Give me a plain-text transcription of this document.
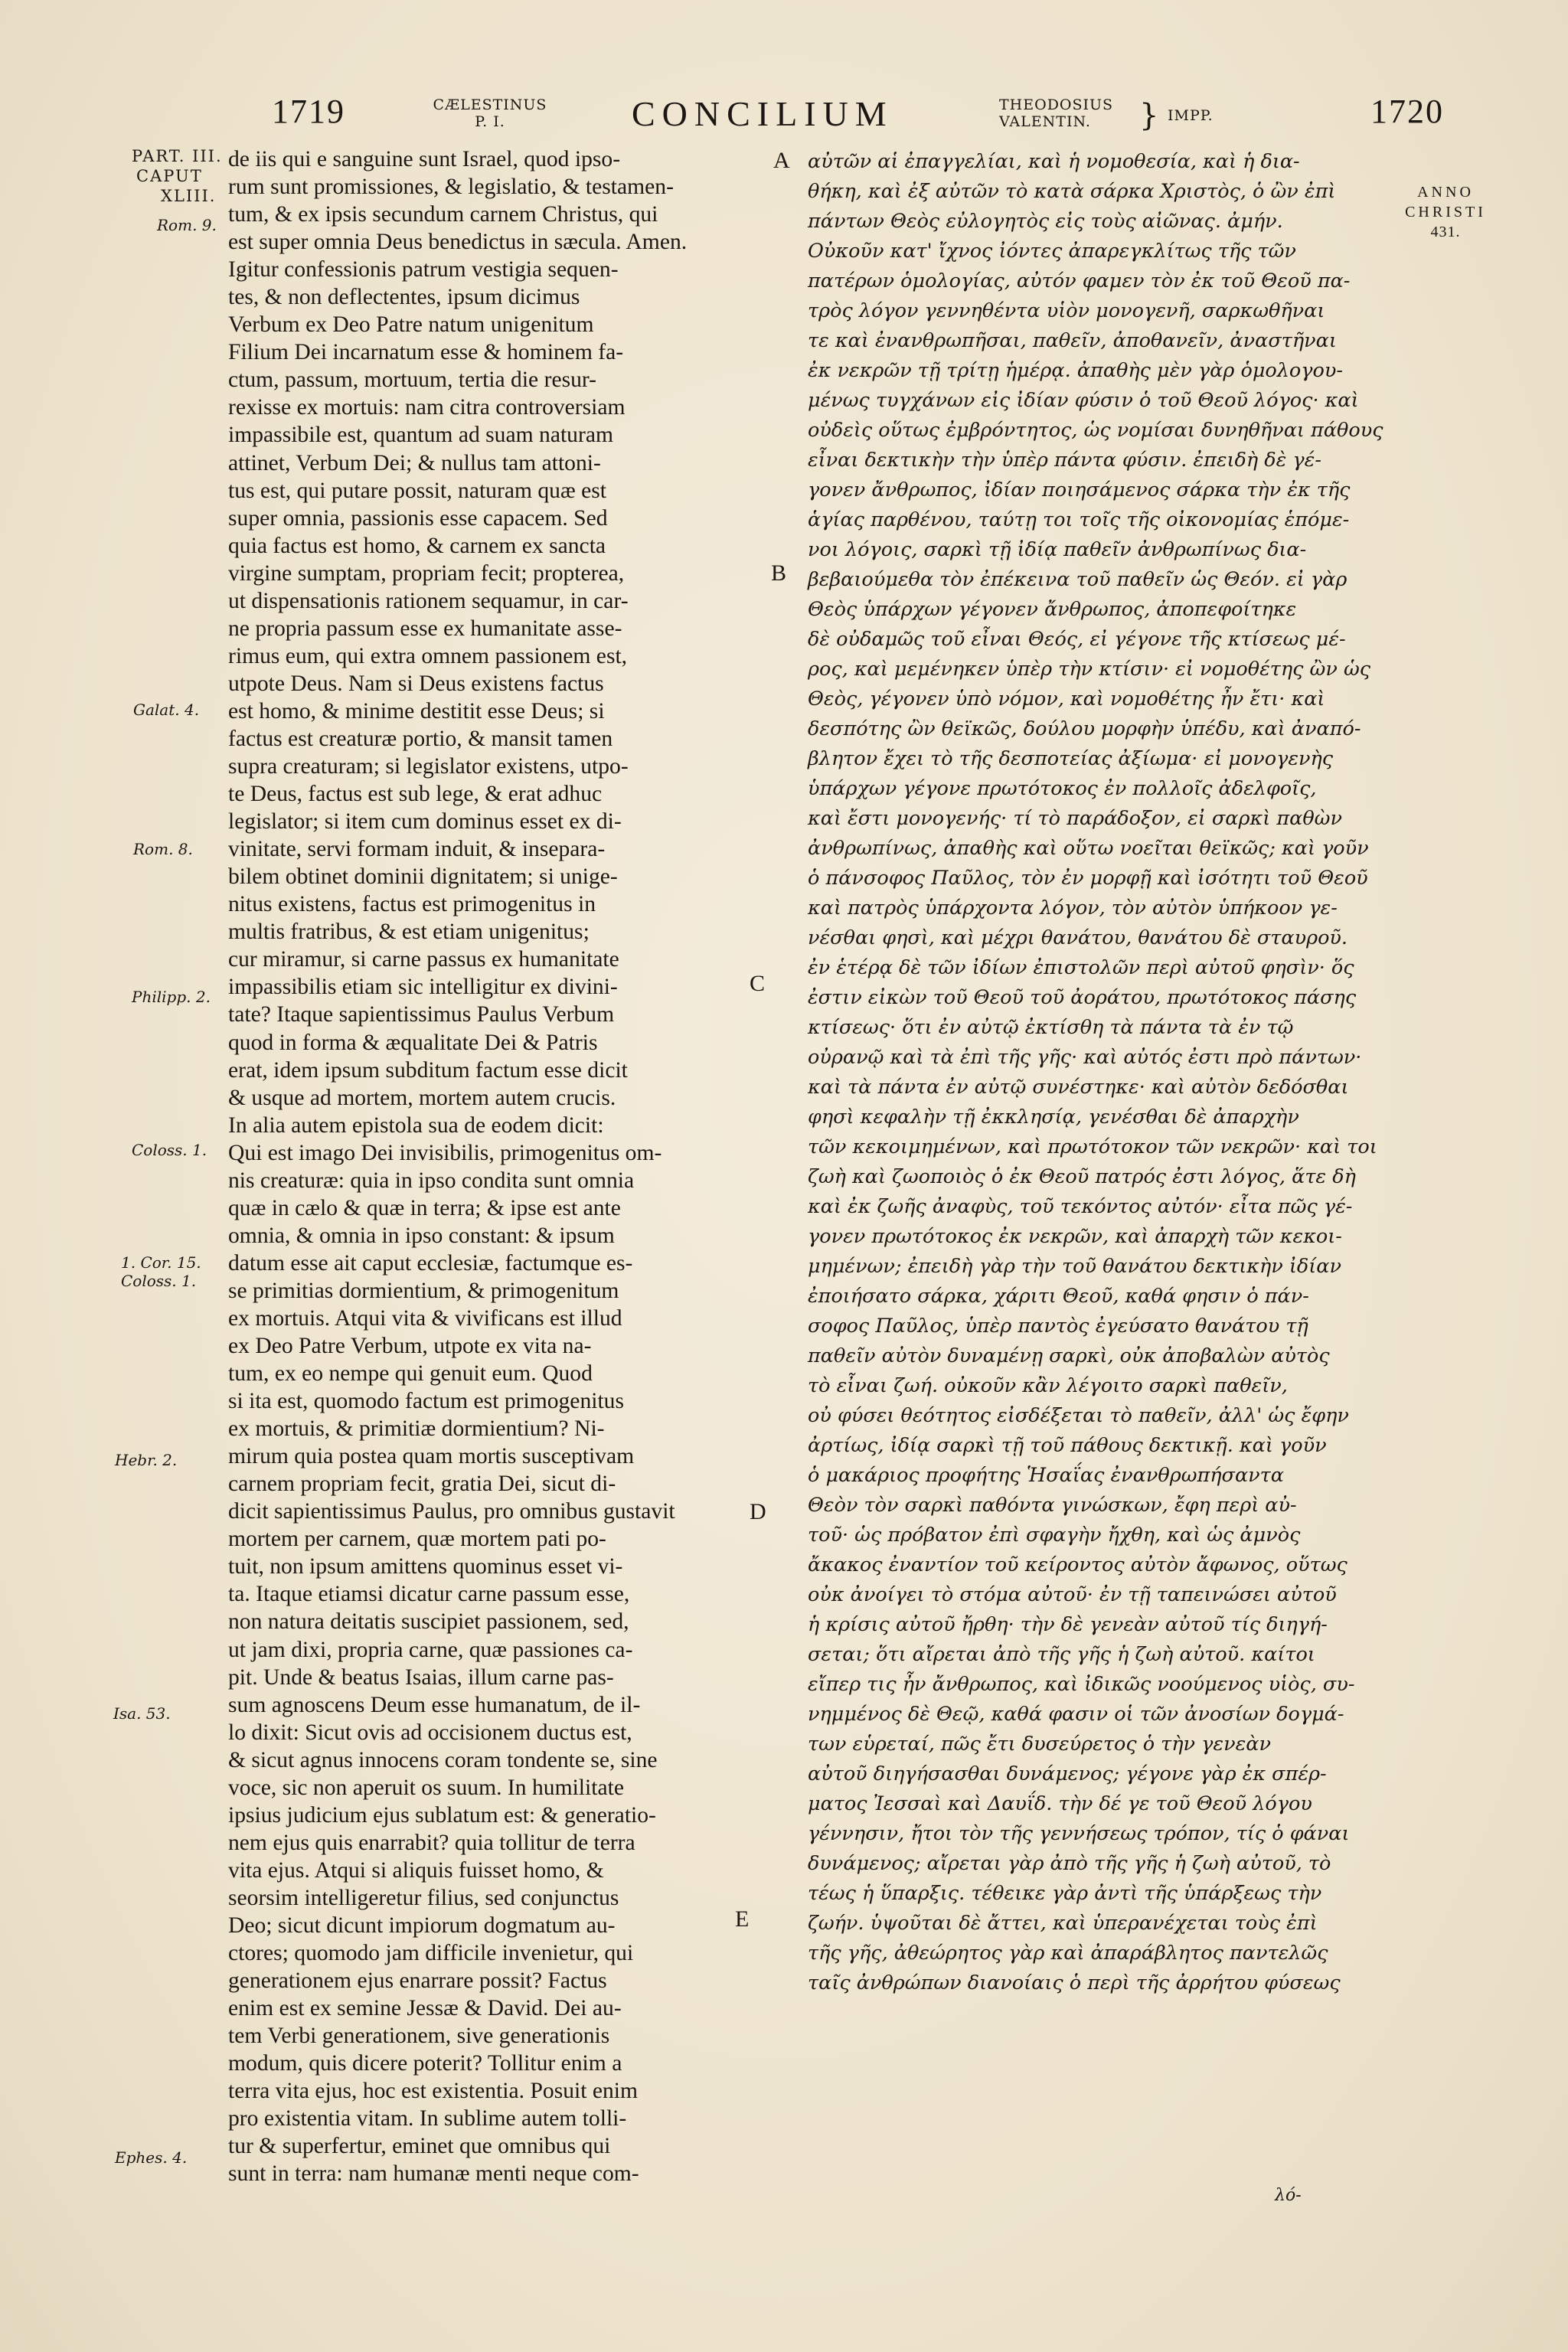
1719	CÆLESTINUS
P. I.	CONCILIUM	THEODOSIUS
VALENTIN.	} IMPP.	1720
PART. III.
CAPUT
XLIII.
Rom. 9.
Galat. 4.
Rom. 8.
Philipp. 2.
Coloss. 1.
1. Cor. 15.
Coloss. 1.
Hebr. 2.
Isa. 53.
Ephes. 4.
A
B
C
D
E
ANNO
CHRISTI
431.
de iis qui e sanguine sunt Israel, quod ipso-
rum sunt promissiones, & legislatio, & testamen-
tum, & ex ipsis secundum carnem Christus, qui
est super omnia Deus benedictus in sæcula. Amen.
Igitur confessionis patrum vestigia sequen-
tes, & non deflectentes, ipsum dicimus
Verbum ex Deo Patre natum unigenitum
Filium Dei incarnatum esse & hominem fa-
ctum, passum, mortuum, tertia die resur-
rexisse ex mortuis: nam citra controversiam
impassibile est, quantum ad suam naturam
attinet, Verbum Dei; & nullus tam attoni-
tus est, qui putare possit, naturam quæ est
super omnia, passionis esse capacem. Sed
quia factus est homo, & carnem ex sancta
virgine sumptam, propriam fecit; propterea,
ut dispensationis rationem sequamur, in car-
ne propria passum esse ex humanitate asse-
rimus eum, qui extra omnem passionem est,
utpote Deus. Nam si Deus existens factus
est homo, & minime destitit esse Deus; si
factus est creaturæ portio, & mansit tamen
supra creaturam; si legislator existens, utpo-
te Deus, factus est sub lege, & erat adhuc
legislator; si item cum dominus esset ex di-
vinitate, servi formam induit, & insepara-
bilem obtinet dominii dignitatem; si unige-
nitus existens, factus est primogenitus in
multis fratribus, & est etiam unigenitus;
cur miramur, si carne passus ex humanitate
impassibilis etiam sic intelligitur ex divini-
tate? Itaque sapientissimus Paulus Verbum
quod in forma & æqualitate Dei & Patris
erat, idem ipsum subditum factum esse dicit
& usque ad mortem, mortem autem crucis.
In alia autem epistola sua de eodem dicit:
Qui est imago Dei invisibilis, primogenitus om-
nis creaturæ: quia in ipso condita sunt omnia
quæ in cælo & quæ in terra; & ipse est ante
omnia, & omnia in ipso constant: & ipsum
datum esse ait caput ecclesiæ, factumque es-
se primitias dormientium, & primogenitum
ex mortuis. Atqui vita & vivificans est illud
ex Deo Patre Verbum, utpote ex vita na-
tum, ex eo nempe qui genuit eum. Quod
si ita est, quomodo factum est primogenitus
ex mortuis, & primitiæ dormientium? Ni-
mirum quia postea quam mortis susceptivam
carnem propriam fecit, gratia Dei, sicut di-
dicit sapientissimus Paulus, pro omnibus gustavit
mortem per carnem, quæ mortem pati po-
tuit, non ipsum amittens quominus esset vi-
ta. Itaque etiamsi dicatur carne passum esse,
non natura deitatis suscipiet passionem, sed,
ut jam dixi, propria carne, quæ passiones ca-
pit. Unde & beatus Isaias, illum carne pas-
sum agnoscens Deum esse humanatum, de il-
lo dixit: Sicut ovis ad occisionem ductus est,
& sicut agnus innocens coram tondente se, sine
voce, sic non aperuit os suum. In humilitate
ipsius judicium ejus sublatum est: & generatio-
nem ejus quis enarrabit? quia tollitur de terra
vita ejus. Atqui si aliquis fuisset homo, &
seorsim intelligeretur filius, sed conjunctus
Deo; sicut dicunt impiorum dogmatum au-
ctores; quomodo jam difficile invenietur, qui
generationem ejus enarrare possit? Factus
enim est ex semine Jessæ & David. Dei au-
tem Verbi generationem, sive generationis
modum, quis dicere poterit? Tollitur enim a
terra vita ejus, hoc est existentia. Posuit enim
pro existentia vitam. In sublime autem tolli-
tur & superfertur, eminet que omnibus qui
sunt in terra: nam humanæ menti neque com-
αὐτῶν αἱ ἐπαγγελίαι, καὶ ἡ νομοθεσία, καὶ ἡ δια-
θήκη, καὶ ἐξ αὐτῶν τὸ κατὰ σάρκα Χριστὸς, ὁ ὢν ἐπὶ
πάντων Θεὸς εὐλογητὸς εἰς τοὺς αἰῶνας. ἀμήν.
Οὐκοῦν κατ' ἴχνος ἰόντες ἀπαρεγκλίτως τῆς τῶν
πατέρων ὁμολογίας, αὐτόν φαμεν τὸν ἐκ τοῦ Θεοῦ πα-
τρὸς λόγον γεννηθέντα υἱὸν μονογενῆ, σαρκωθῆναι
τε καὶ ἐνανθρωπῆσαι, παθεῖν, ἀποθανεῖν, ἀναστῆναι
ἐκ νεκρῶν τῇ τρίτῃ ἡμέρᾳ. ἀπαθὴς μὲν γὰρ ὁμολογου-
μένως τυγχάνων εἰς ἰδίαν φύσιν ὁ τοῦ Θεοῦ λόγος· καὶ
οὐδεὶς οὕτως ἐμβρόντητος, ὡς νομίσαι δυνηθῆναι πάθους
εἶναι δεκτικὴν τὴν ὑπὲρ πάντα φύσιν. ἐπειδὴ δὲ γέ-
γονεν ἄνθρωπος, ἰδίαν ποιησάμενος σάρκα τὴν ἐκ τῆς
ἁγίας παρθένου, ταύτῃ τοι τοῖς τῆς οἰκονομίας ἑπόμε-
νοι λόγοις, σαρκὶ τῇ ἰδίᾳ παθεῖν ἀνθρωπίνως δια-
βεβαιούμεθα τὸν ἐπέκεινα τοῦ παθεῖν ὡς Θεόν. εἰ γὰρ
Θεὸς ὑπάρχων γέγονεν ἄνθρωπος, ἀποπεφοίτηκε
δὲ οὐδαμῶς τοῦ εἶναι Θεός, εἰ γέγονε τῆς κτίσεως μέ-
ρος, καὶ μεμένηκεν ὑπὲρ τὴν κτίσιν· εἰ νομοθέτης ὢν ὡς
Θεὸς, γέγονεν ὑπὸ νόμον, καὶ νομοθέτης ἦν ἔτι· καὶ
δεσπότης ὢν θεϊκῶς, δούλου μορφὴν ὑπέδυ, καὶ ἀναπό-
βλητον ἔχει τὸ τῆς δεσποτείας ἀξίωμα· εἰ μονογενὴς
ὑπάρχων γέγονε πρωτότοκος ἐν πολλοῖς ἀδελφοῖς,
καὶ ἔστι μονογενής· τί τὸ παράδοξον, εἰ σαρκὶ παθὼν
ἀνθρωπίνως, ἀπαθὴς καὶ οὕτω νοεῖται θεϊκῶς; καὶ γοῦν
ὁ πάνσοφος Παῦλος, τὸν ἐν μορφῇ καὶ ἰσότητι τοῦ Θεοῦ
καὶ πατρὸς ὑπάρχοντα λόγον, τὸν αὐτὸν ὑπήκοον γε-
νέσθαι φησὶ, καὶ μέχρι θανάτου, θανάτου δὲ σταυροῦ.
ἐν ἑτέρᾳ δὲ τῶν ἰδίων ἐπιστολῶν περὶ αὐτοῦ φησὶν· ὅς
ἐστιν εἰκὼν τοῦ Θεοῦ τοῦ ἀοράτου, πρωτότοκος πάσης
κτίσεως· ὅτι ἐν αὐτῷ ἐκτίσθη τὰ πάντα τὰ ἐν τῷ
οὐρανῷ καὶ τὰ ἐπὶ τῆς γῆς· καὶ αὐτός ἐστι πρὸ πάντων·
καὶ τὰ πάντα ἐν αὐτῷ συνέστηκε· καὶ αὐτὸν δεδόσθαι
φησὶ κεφαλὴν τῇ ἐκκλησίᾳ, γενέσθαι δὲ ἀπαρχὴν
τῶν κεκοιμημένων, καὶ πρωτότοκον τῶν νεκρῶν· καὶ τοι
ζωὴ καὶ ζωοποιὸς ὁ ἐκ Θεοῦ πατρός ἐστι λόγος, ἅτε δὴ
καὶ ἐκ ζωῆς ἀναφὺς, τοῦ τεκόντος αὐτόν· εἶτα πῶς γέ-
γονεν πρωτότοκος ἐκ νεκρῶν, καὶ ἀπαρχὴ τῶν κεκοι-
μημένων; ἐπειδὴ γὰρ τὴν τοῦ θανάτου δεκτικὴν ἰδίαν
ἐποιήσατο σάρκα, χάριτι Θεοῦ, καθά φησιν ὁ πάν-
σοφος Παῦλος, ὑπὲρ παντὸς ἐγεύσατο θανάτου τῇ
παθεῖν αὐτὸν δυναμένῃ σαρκὶ, οὐκ ἀποβαλὼν αὐτὸς
τὸ εἶναι ζωή. οὐκοῦν κἂν λέγοιτο σαρκὶ παθεῖν,
οὐ φύσει θεότητος εἰσδέξεται τὸ παθεῖν, ἀλλ' ὡς ἔφην
ἀρτίως, ἰδίᾳ σαρκὶ τῇ τοῦ πάθους δεκτικῇ. καὶ γοῦν
ὁ μακάριος προφήτης Ἡσαΐας ἐνανθρωπήσαντα
Θεὸν τὸν σαρκὶ παθόντα γινώσκων, ἔφη περὶ αὐ-
τοῦ· ὡς πρόβατον ἐπὶ σφαγὴν ἤχθη, καὶ ὡς ἀμνὸς
ἄκακος ἐναντίον τοῦ κείροντος αὐτὸν ἄφωνος, οὕτως
οὐκ ἀνοίγει τὸ στόμα αὐτοῦ· ἐν τῇ ταπεινώσει αὐτοῦ
ἡ κρίσις αὐτοῦ ἤρθη· τὴν δὲ γενεὰν αὐτοῦ τίς διηγή-
σεται; ὅτι αἴρεται ἀπὸ τῆς γῆς ἡ ζωὴ αὐτοῦ. καίτοι
εἴπερ τις ἦν ἄνθρωπος, καὶ ἰδικῶς νοούμενος υἱὸς, συ-
νημμένος δὲ Θεῷ, καθά φασιν οἱ τῶν ἀνοσίων δογμά-
των εὑρεταί, πῶς ἔτι δυσεύρετος ὁ τὴν γενεὰν
αὐτοῦ διηγήσασθαι δυνάμενος; γέγονε γὰρ ἐκ σπέρ-
ματος Ἰεσσαὶ καὶ Δαυΐδ. τὴν δέ γε τοῦ Θεοῦ λόγου
γέννησιν, ἤτοι τὸν τῆς γεννήσεως τρόπον, τίς ὁ φάναι
δυνάμενος; αἴρεται γὰρ ἀπὸ τῆς γῆς ἡ ζωὴ αὐτοῦ, τὸ
τέως ἡ ὕπαρξις. τέθεικε γὰρ ἀντὶ τῆς ὑπάρξεως τὴν
ζωήν. ὑψοῦται δὲ ἄττει, καὶ ὑπερανέχεται τοὺς ἐπὶ
τῆς γῆς, ἀθεώρητος γὰρ καὶ ἀπαράβλητος παντελῶς
ταῖς ἀνθρώπων διανοίαις ὁ περὶ τῆς ἀρρήτου φύσεως
λό-
